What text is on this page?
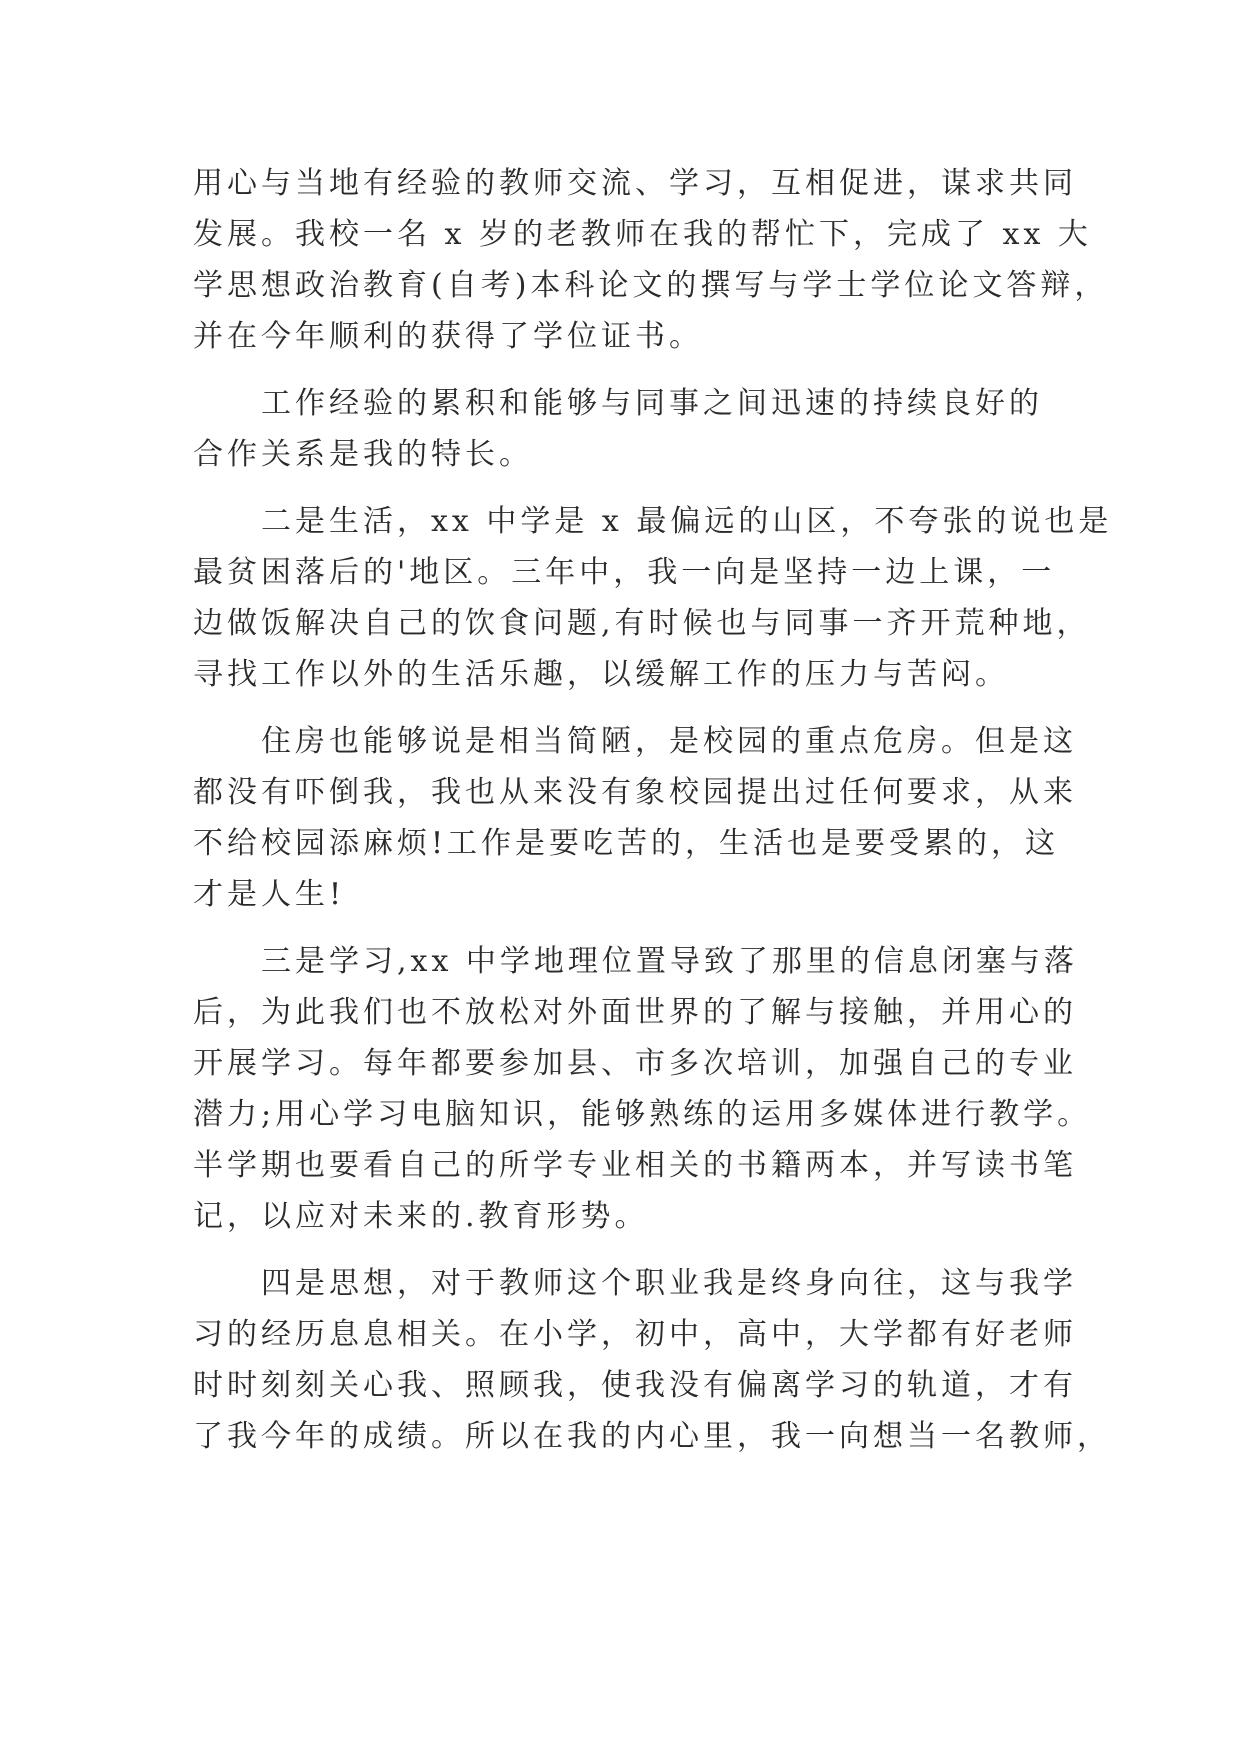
用心与当地有经验的教师交流、学习，互相促进，谋求共同
发展。我校一名 x 岁的老教师在我的帮忙下，完成了 xx 大
学思想政治教育(自考)本科论文的撰写与学士学位论文答辩，
并在今年顺利的获得了学位证书。

工作经验的累积和能够与同事之间迅速的持续良好的
合作关系是我的特长。

二是生活，xx 中学是 x 最偏远的山区，不夸张的说也是
最贫困落后的'地区。三年中，我一向是坚持一边上课，一
边做饭解决自己的饮食问题,有时候也与同事一齐开荒种地，
寻找工作以外的生活乐趣，以缓解工作的压力与苦闷。

住房也能够说是相当简陋，是校园的重点危房。但是这
都没有吓倒我，我也从来没有象校园提出过任何要求，从来
不给校园添麻烦!工作是要吃苦的，生活也是要受累的，这
才是人生!

三是学习,xx 中学地理位置导致了那里的信息闭塞与落
后，为此我们也不放松对外面世界的了解与接触，并用心的
开展学习。每年都要参加县、市多次培训，加强自己的专业
潜力;用心学习电脑知识，能够熟练的运用多媒体进行教学。
半学期也要看自己的所学专业相关的书籍两本，并写读书笔
记，以应对未来的.教育形势。

四是思想，对于教师这个职业我是终身向往，这与我学
习的经历息息相关。在小学，初中，高中，大学都有好老师
时时刻刻关心我、照顾我，使我没有偏离学习的轨道，才有
了我今年的成绩。所以在我的内心里，我一向想当一名教师，
